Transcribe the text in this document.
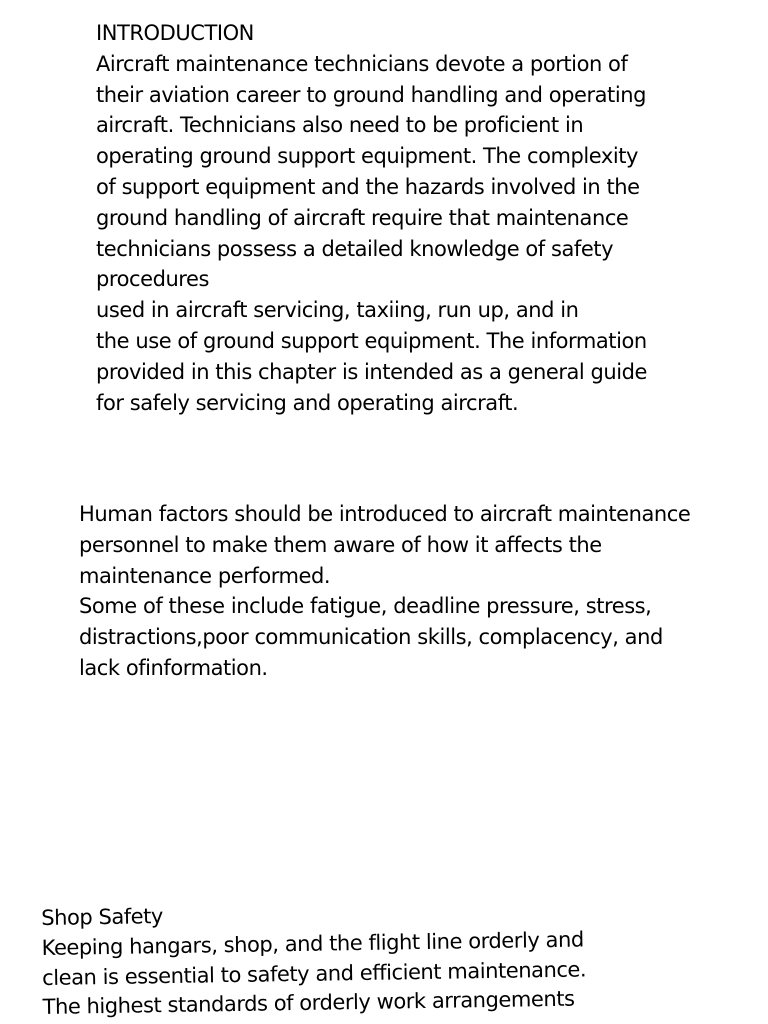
INTRODUCTION
Aircraft maintenance technicians devote a portion of
their aviation career to ground handling and operating
aircraft. Technicians also need to be proficient in
operating ground support equipment. The complexity
of support equipment and the hazards involved in the
ground handling of aircraft require that maintenance
technicians possess a detailed knowledge of safety
procedures
used in aircraft servicing, taxiing, run up, and in
the use of ground support equipment. The information
provided in this chapter is intended as a general guide
for safely servicing and operating aircraft.
Human factors should be introduced to aircraft maintenance
personnel to make them aware of how it affects the
maintenance performed.
Some of these include fatigue, deadline pressure, stress,
distractions,poor communication skills, complacency, and
lack ofinformation.
Shop Safety
Keeping hangars, shop, and the flight line orderly and
clean is essential to safety and efficient maintenance.
The highest standards of orderly work arrangements
